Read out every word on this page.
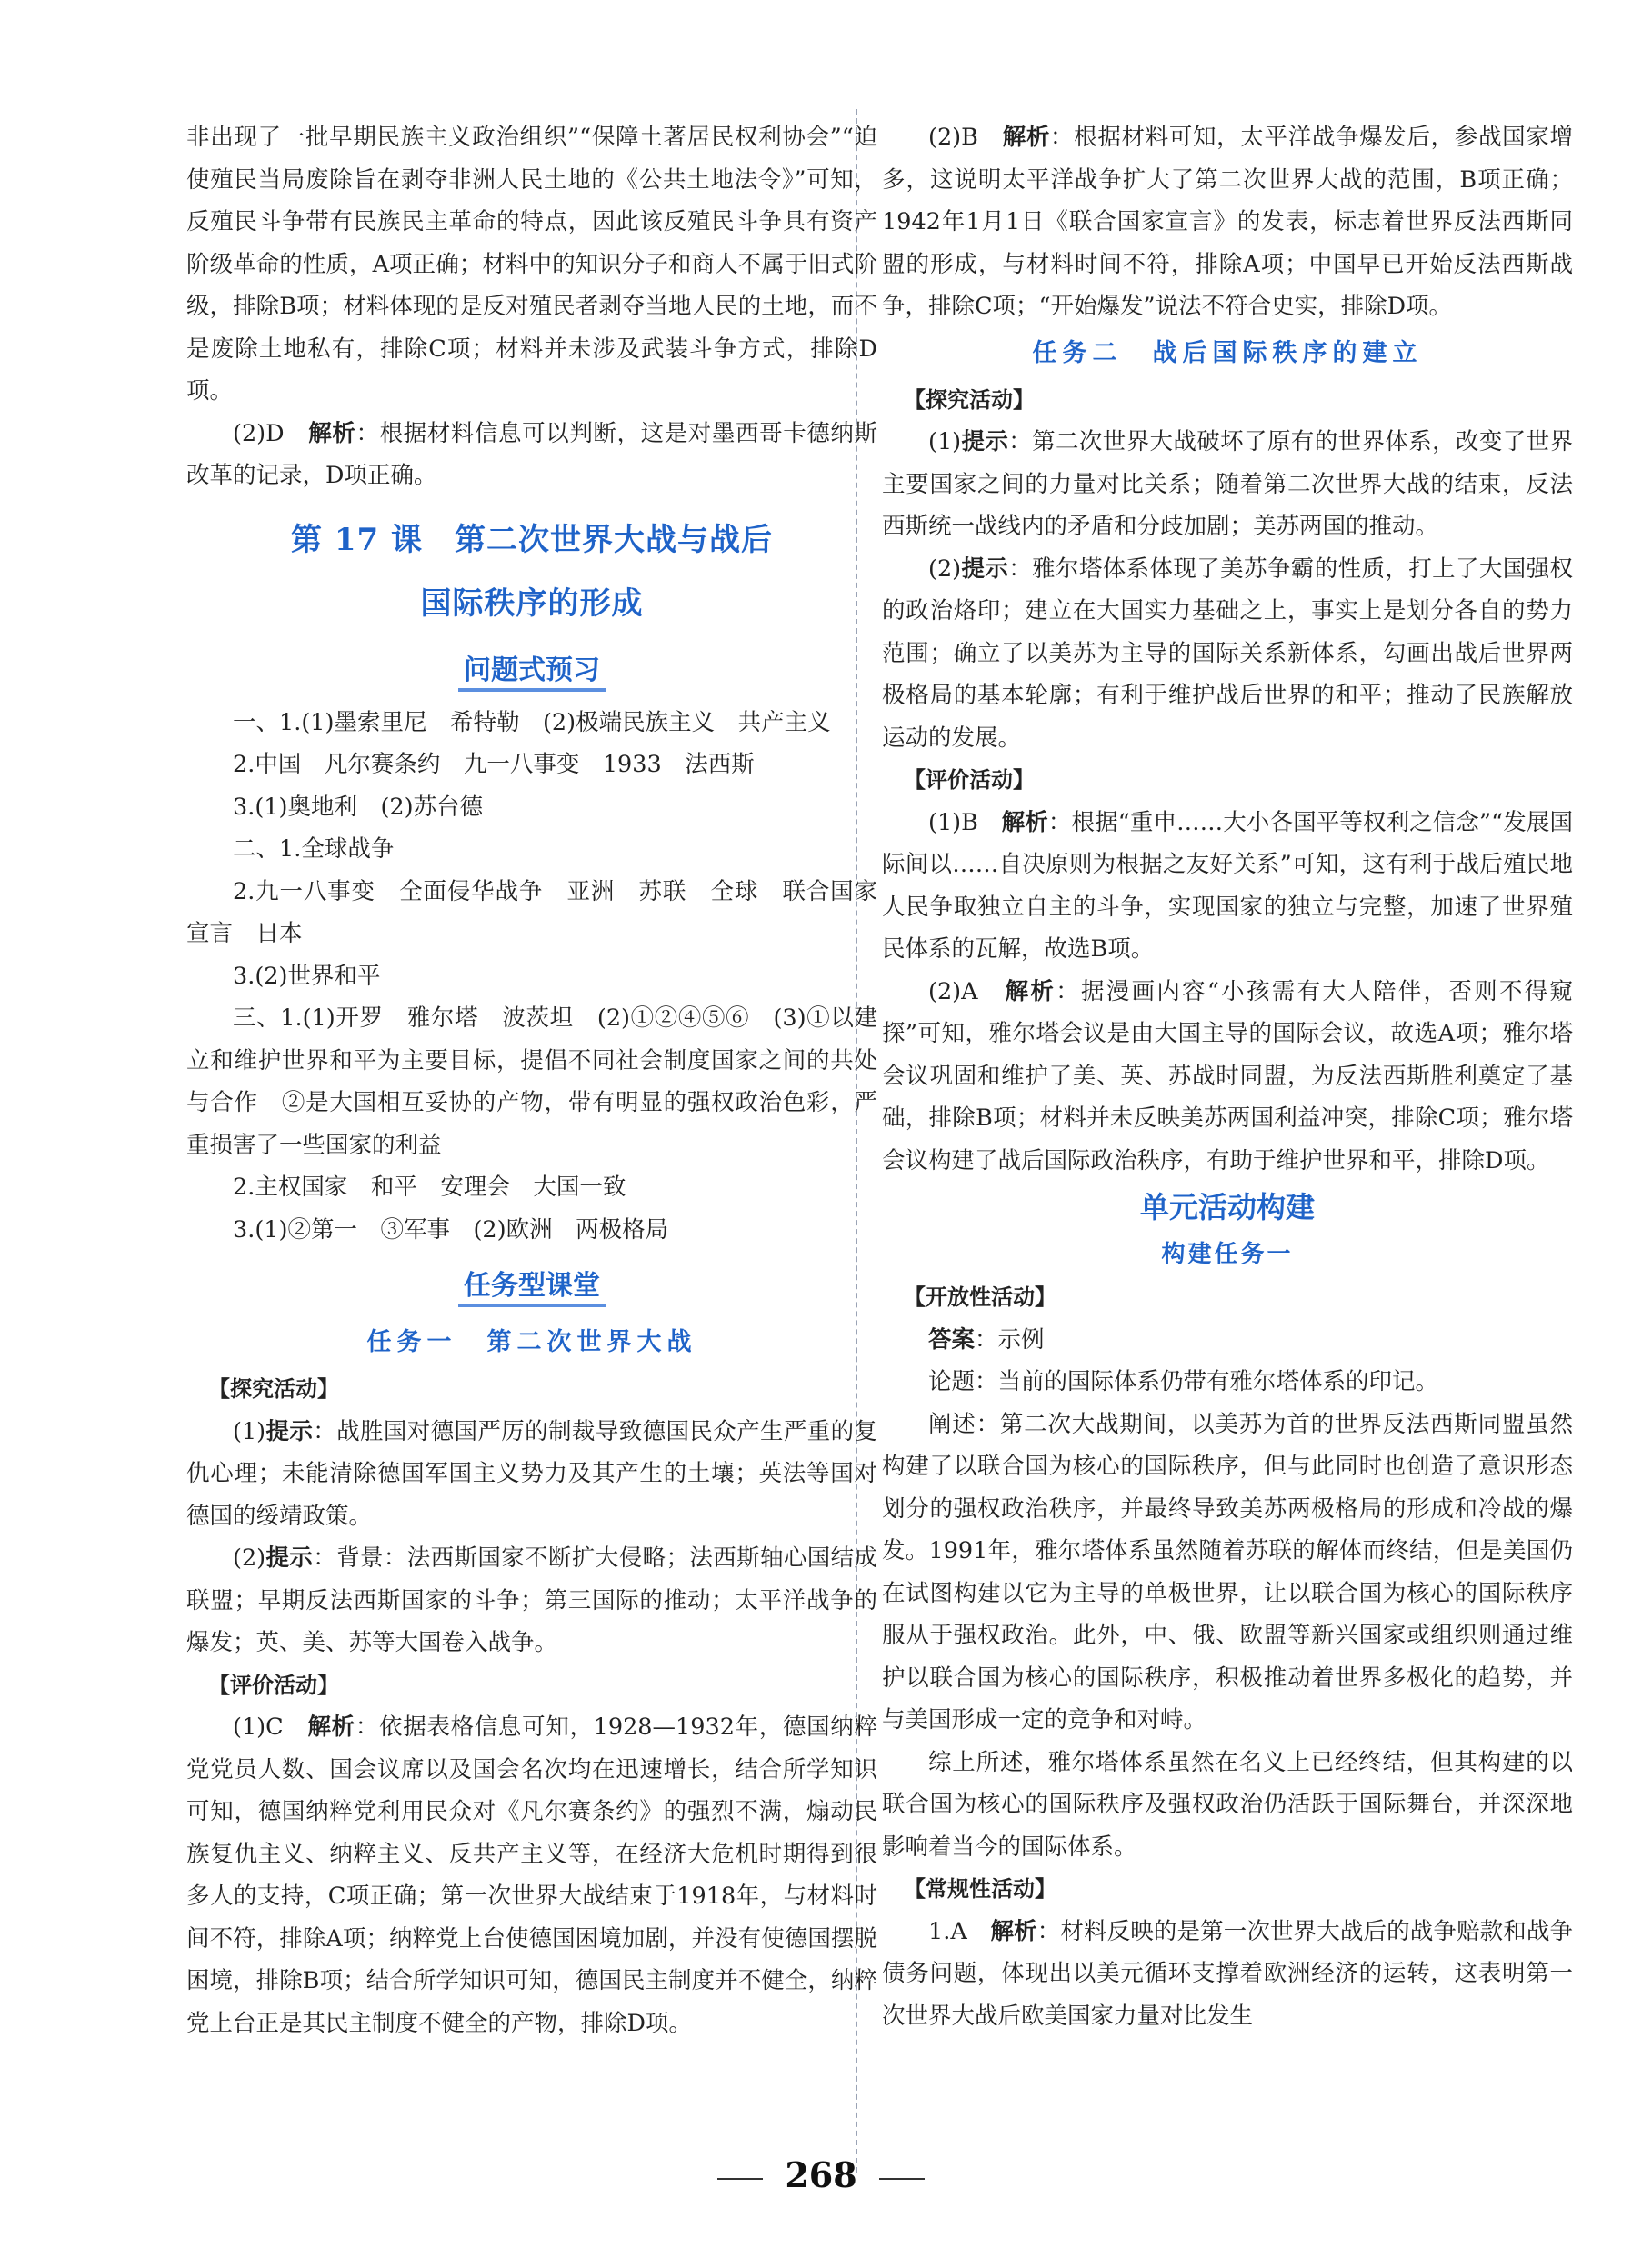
非出现了一批早期民族主义政治组织”“保障土著居民权利协会”“迫使殖民当局废除旨在剥夺非洲人民土地的《公共土地法令》”可知，反殖民斗争带有民族民主革命的特点，因此该反殖民斗争具有资产阶级革命的性质，A项正确；材料中的知识分子和商人不属于旧式阶级，排除B项；材料体现的是反对殖民者剥夺当地人民的土地，而不是废除土地私有，排除C项；材料并未涉及武装斗争方式，排除D项。

(2)D　解析：根据材料信息可以判断，这是对墨西哥卡德纳斯改革的记录，D项正确。

第 17 课　第二次世界大战与战后
国际秩序的形成
问题式预习

一、1.(1)墨索里尼　希特勒　(2)极端民族主义　共产主义

2.中国　凡尔赛条约　九一八事变　1933　法西斯

3.(1)奥地利　(2)苏台德

二、1.全球战争

2.九一八事变　全面侵华战争　亚洲　苏联　全球　联合国家宣言　日本

3.(2)世界和平

三、1.(1)开罗　雅尔塔　波茨坦　(2)①②④⑤⑥　(3)①以建立和维护世界和平为主要目标，提倡不同社会制度国家之间的共处与合作　②是大国相互妥协的产物，带有明显的强权政治色彩，严重损害了一些国家的利益

2.主权国家　和平　安理会　大国一致

3.(1)②第一　③军事　(2)欧洲　两极格局

任务型课堂
任务一　第二次世界大战
【探究活动】

(1)提示：战胜国对德国严厉的制裁导致德国民众产生严重的复仇心理；未能清除德国军国主义势力及其产生的土壤；英法等国对德国的绥靖政策。

(2)提示：背景：法西斯国家不断扩大侵略；法西斯轴心国结成联盟；早期反法西斯国家的斗争；第三国际的推动；太平洋战争的爆发；英、美、苏等大国卷入战争。

【评价活动】

(1)C　解析：依据表格信息可知，1928—1932年，德国纳粹党党员人数、国会议席以及国会名次均在迅速增长，结合所学知识可知，德国纳粹党利用民众对《凡尔赛条约》的强烈不满，煽动民族复仇主义、纳粹主义、反共产主义等，在经济大危机时期得到很多人的支持，C项正确；第一次世界大战结束于1918年，与材料时间不符，排除A项；纳粹党上台使德国困境加剧，并没有使德国摆脱困境，排除B项；结合所学知识可知，德国民主制度并不健全，纳粹党上台正是其民主制度不健全的产物，排除D项。

(2)B　解析：根据材料可知，太平洋战争爆发后，参战国家增多，这说明太平洋战争扩大了第二次世界大战的范围，B项正确；1942年1月1日《联合国家宣言》的发表，标志着世界反法西斯同盟的形成，与材料时间不符，排除A项；中国早已开始反法西斯战争，排除C项；“开始爆发”说法不符合史实，排除D项。

任务二　战后国际秩序的建立
【探究活动】

(1)提示：第二次世界大战破坏了原有的世界体系，改变了世界主要国家之间的力量对比关系；随着第二次世界大战的结束，反法西斯统一战线内的矛盾和分歧加剧；美苏两国的推动。

(2)提示：雅尔塔体系体现了美苏争霸的性质，打上了大国强权的政治烙印；建立在大国实力基础之上，事实上是划分各自的势力范围；确立了以美苏为主导的国际关系新体系，勾画出战后世界两极格局的基本轮廓；有利于维护战后世界的和平；推动了民族解放运动的发展。

【评价活动】

(1)B　解析：根据“重申……大小各国平等权利之信念”“发展国际间以……自决原则为根据之友好关系”可知，这有利于战后殖民地人民争取独立自主的斗争，实现国家的独立与完整，加速了世界殖民体系的瓦解，故选B项。

(2)A　解析：据漫画内容“小孩需有大人陪伴，否则不得窥探”可知，雅尔塔会议是由大国主导的国际会议，故选A项；雅尔塔会议巩固和维护了美、英、苏战时同盟，为反法西斯胜利奠定了基础，排除B项；材料并未反映美苏两国利益冲突，排除C项；雅尔塔会议构建了战后国际政治秩序，有助于维护世界和平，排除D项。

单元活动构建
构建任务一
【开放性活动】

答案：示例

论题：当前的国际体系仍带有雅尔塔体系的印记。

阐述：第二次大战期间，以美苏为首的世界反法西斯同盟虽然构建了以联合国为核心的国际秩序，但与此同时也创造了意识形态划分的强权政治秩序，并最终导致美苏两极格局的形成和冷战的爆发。1991年，雅尔塔体系虽然随着苏联的解体而终结，但是美国仍在试图构建以它为主导的单极世界，让以联合国为核心的国际秩序服从于强权政治。此外，中、俄、欧盟等新兴国家或组织则通过维护以联合国为核心的国际秩序，积极推动着世界多极化的趋势，并与美国形成一定的竞争和对峙。

综上所述，雅尔塔体系虽然在名义上已经终结，但其构建的以联合国为核心的国际秩序及强权政治仍活跃于国际舞台，并深深地影响着当今的国际体系。

【常规性活动】

1.A　解析：材料反映的是第一次世界大战后的战争赔款和战争债务问题，体现出以美元循环支撑着欧洲经济的运转，这表明第一次世界大战后欧美国家力量对比发生

268
